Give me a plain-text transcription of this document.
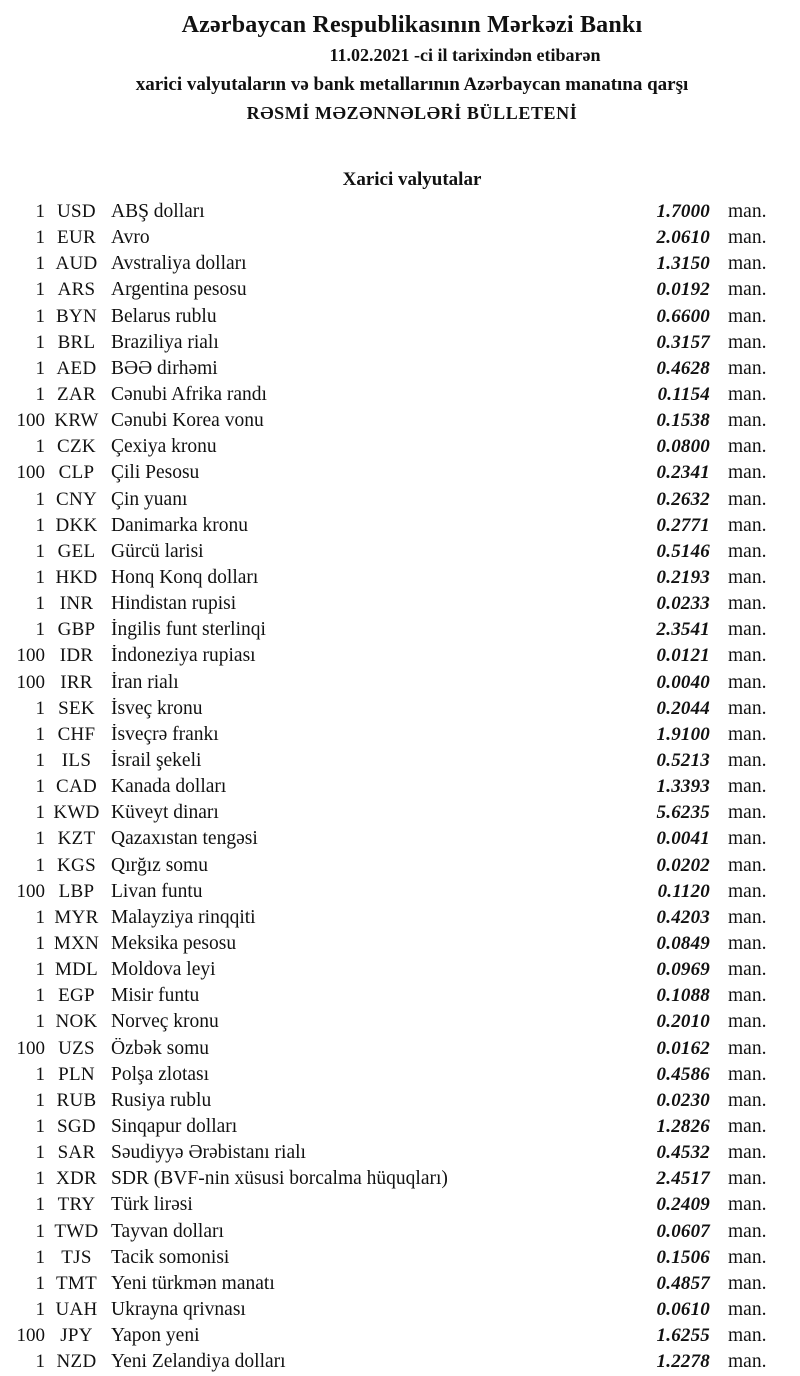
Azərbaycan Respublikasının Mərkəzi Bankı
11.02.2021 -ci il tarixindən etibarən
xarici valyutaların və bank metallarının Azərbaycan manatına qarşı
RƏSMİ MƏZƏNNƏLƏRİ BÜLLETENİ
Xarici valyutalar
1 USD ABŞ dolları	1.7000 man.
1 EUR Avro	2.0610 man.
1 AUD Avstraliya dolları	1.3150 man.
1 ARS Argentina pesosu	0.0192 man.
1 BYN Belarus rublu	0.6600 man.
1 BRL Braziliya rialı	0.3157 man.
1 AED BƏƏ dirhəmi	0.4628 man.
1 ZAR Cənubi Afrika randı	0.1154 man.
100 KRW Cənubi Korea vonu	0.1538 man.
1 CZK Çexiya kronu	0.0800 man.
100 CLP Çili Pesosu	0.2341 man.
1 CNY Çin yuanı	0.2632 man.
1 DKK Danimarka kronu	0.2771 man.
1 GEL Gürcü larisi	0.5146 man.
1 HKD Honq Konq dolları	0.2193 man.
1 INR Hindistan rupisi	0.0233 man.
1 GBP İngilis funt sterlinqi	2.3541 man.
100 IDR İndoneziya rupiası	0.0121 man.
100 IRR İran rialı	0.0040 man.
1 SEK İsveç kronu	0.2044 man.
1 CHF İsveçrə frankı	1.9100 man.
1 ILS	İsrail şekeli	0.5213 man.
1 CAD Kanada dolları	1.3393 man.
1 KWD Küveyt dinarı	5.6235 man.
1 KZT Qazaxıstan tengəsi	0.0041 man.
1 KGS Qırğız somu	0.0202 man.
100 LBP Livan funtu	0.1120 man.
1 MYR Malayziya rinqqiti	0.4203 man.
1 MXN Meksika pesosu	0.0849 man.
1 MDL Moldova leyi	0.0969 man.
1 EGP Misir funtu	0.1088 man.
1 NOK Norveç kronu	0.2010 man.
100 UZS Özbək somu	0.0162 man.
1 PLN Polşa zlotası	0.4586 man.
1 RUB Rusiya rublu	0.0230 man.
1 SGD Sinqapur dolları	1.2826 man.
1 SAR Səudiyyə Ərəbistanı rialı	0.4532 man.
1 XDR SDR (BVF-nin xüsusi borcalma hüquqları)	2.4517 man.
1 TRY Türk lirəsi	0.2409 man.
1 TWD Tayvan dolları	0.0607 man.
1 TJS Tacik somonisi	0.1506 man.
1 TMT Yeni türkmən manatı	0.4857 man.
1 UAH Ukrayna qrivnası	0.0610 man.
100 JPY Yapon yeni	1.6255 man.
1 NZD Yeni Zelandiya dolları	1.2278 man.
